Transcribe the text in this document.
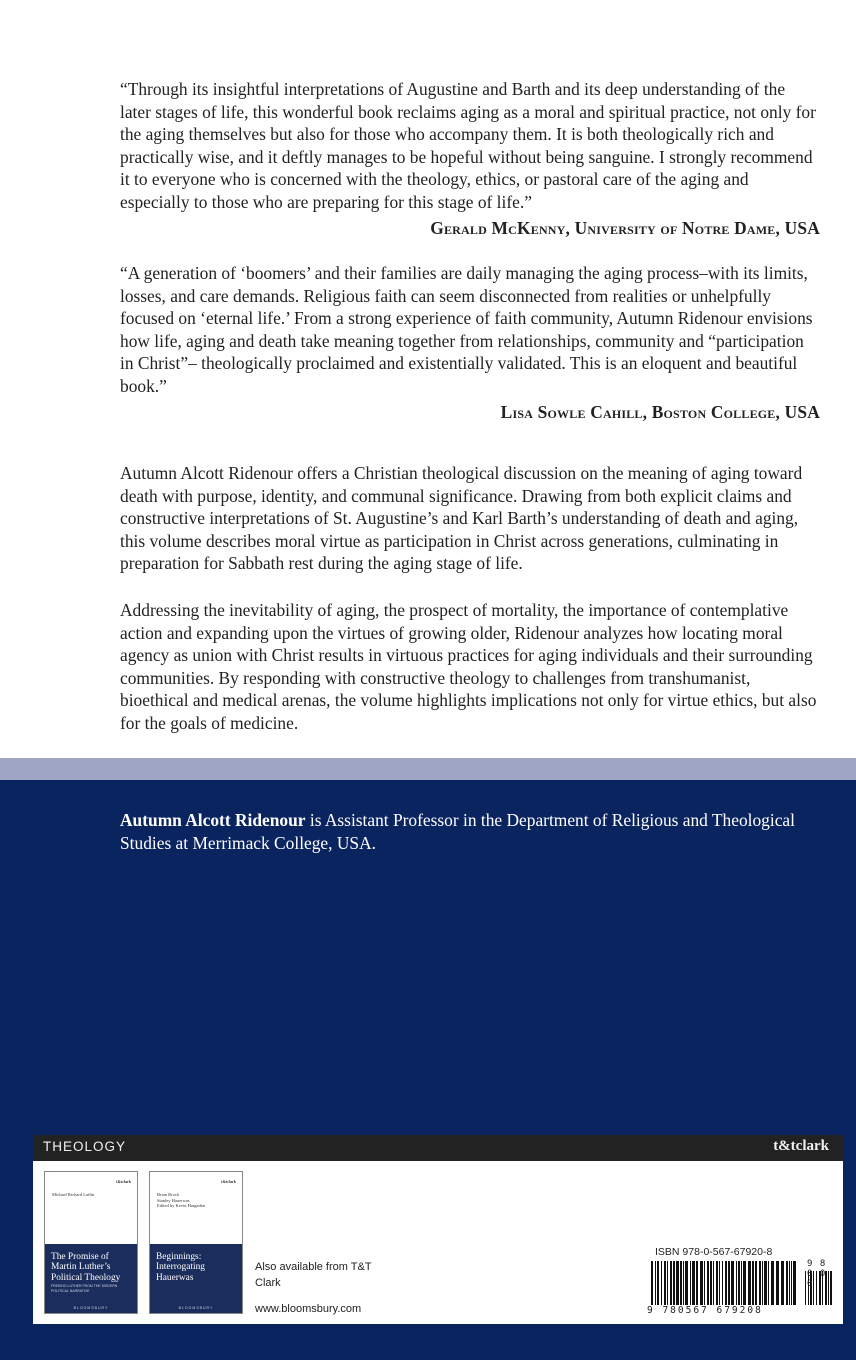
“Through its insightful interpretations of Augustine and Barth and its deep understanding of the later stages of life, this wonderful book reclaims aging as a moral and spiritual practice, not only for the aging themselves but also for those who accompany them. It is both theologically rich and practically wise, and it deftly manages to be hopeful without being sanguine. I strongly recommend it to everyone who is concerned with the theology, ethics, or pastoral care of the aging and especially to those who are preparing for this stage of life.”

Gerald McKenny, University of Notre Dame, USA

“A generation of ‘boomers’ and their families are daily managing the aging process–with its limits, losses, and care demands. Religious faith can seem disconnected from realities or unhelpfully focused on ‘eternal life.’ From a strong experience of faith community, Autumn Ridenour envisions how life, aging and death take meaning together from relationships, community and “participation in Christ”– theologically proclaimed and existentially validated. This is an eloquent and beautiful book.”

Lisa Sowle Cahill, Boston College, USA

Autumn Alcott Ridenour offers a Christian theological discussion on the meaning of aging toward death with purpose, identity, and communal significance. Drawing from both explicit claims and constructive interpretations of St. Augustine’s and Karl Barth’s understanding of death and aging, this volume describes moral virtue as participation in Christ across generations, culminating in preparation for Sabbath rest during the aging stage of life.

Addressing the inevitability of aging, the prospect of mortality, the importance of contemplative action and expanding upon the virtues of growing older, Ridenour analyzes how locating moral agency as union with Christ results in virtuous practices for aging individuals and their surrounding communities. By responding with constructive theology to challenges from transhumanist, bioethical and medical arenas, the volume highlights implications not only for virtue ethics, but also for the goals of medicine.

Autumn Alcott Ridenour is Assistant Professor in the Department of Religious and Theological Studies at Merrimack College, USA.

THEOLOGY	t&tclark
t&tclark
Michael Richard Laffin
The Promise of Martin Luther’s Political Theology
FREEING LUTHER FROM THE MODERN POLITICAL NARRATIVE
BLOOMSBURY
t&tclark
Brian Brock
Stanley Hauerwas
Edited by Kevin Hargaden
Beginnings: Interrogating Hauerwas
BLOOMSBURY
Also available from T&T Clark
www.bloomsbury.com
ISBN 978-0-567-67920-8
9 8 0 0 0
9 780567 679208
